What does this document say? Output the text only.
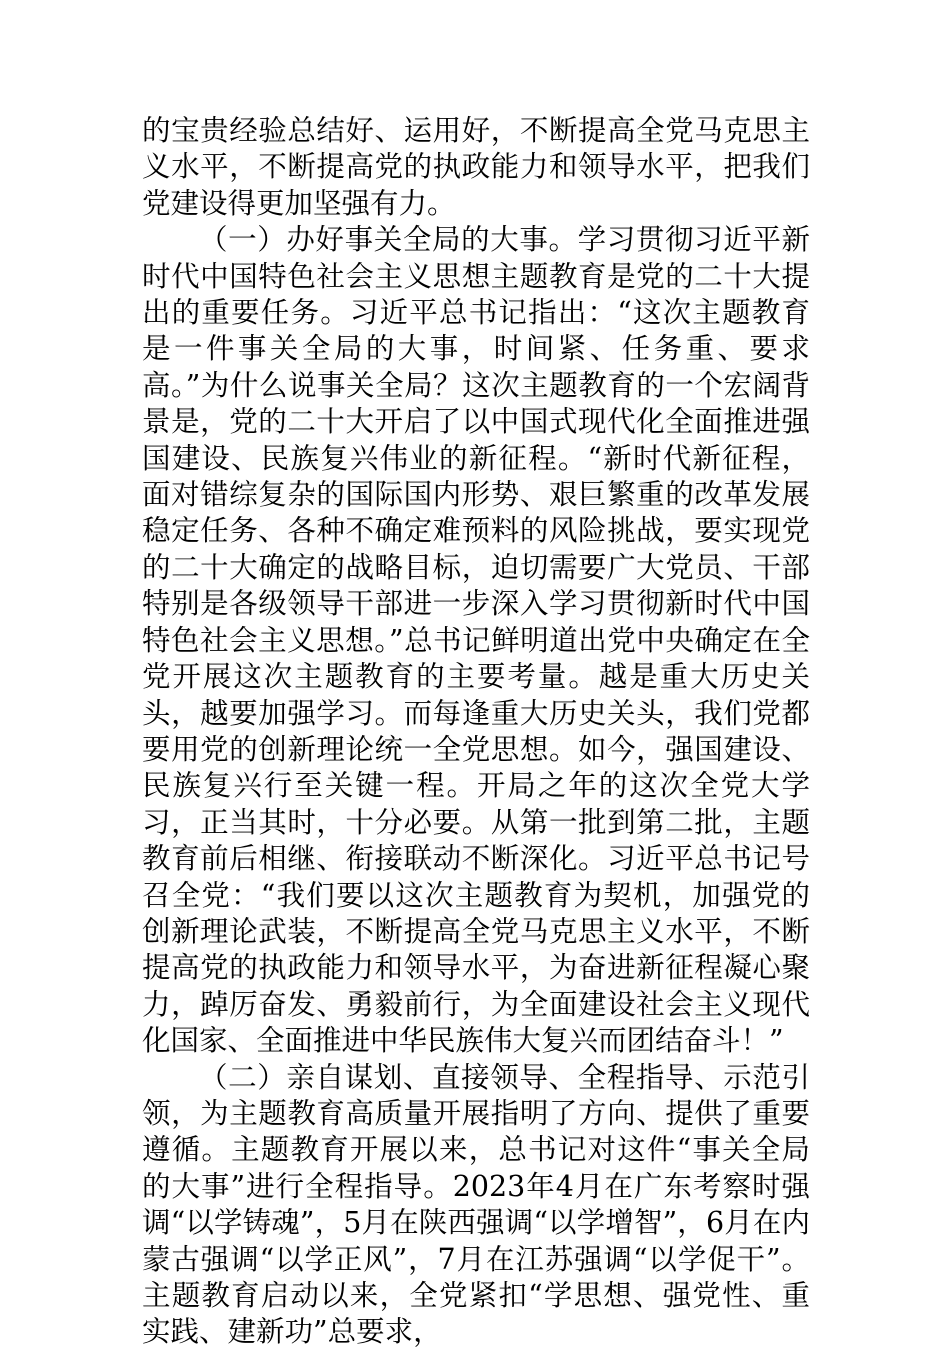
的宝贵经验总结好、运用好，不断提高全党马克思主义水平，不断提高党的执政能力和领导水平，把我们党建设得更加坚强有力。

（一）办好事关全局的大事。学习贯彻习近平新时代中国特色社会主义思想主题教育是党的二十大提出的重要任务。习近平总书记指出：“这次主题教育是一件事关全局的大事，时间紧、任务重、要求高。”为什么说事关全局？这次主题教育的一个宏阔背景是，党的二十大开启了以中国式现代化全面推进强国建设、民族复兴伟业的新征程。“新时代新征程，面对错综复杂的国际国内形势、艰巨繁重的改革发展稳定任务、各种不确定难预料的风险挑战，要实现党的二十大确定的战略目标，迫切需要广大党员、干部特别是各级领导干部进一步深入学习贯彻新时代中国特色社会主义思想。”总书记鲜明道出党中央确定在全党开展这次主题教育的主要考量。越是重大历史关头，越要加强学习。而每逢重大历史关头，我们党都要用党的创新理论统一全党思想。如今，强国建设、民族复兴行至关键一程。开局之年的这次全党大学习，正当其时，十分必要。从第一批到第二批，主题教育前后相继、衔接联动不断深化。习近平总书记号召全党：“我们要以这次主题教育为契机，加强党的创新理论武装，不断提高全党马克思主义水平，不断提高党的执政能力和领导水平，为奋进新征程凝心聚力，踔厉奋发、勇毅前行，为全面建设社会主义现代化国家、全面推进中华民族伟大复兴而团结奋斗！”

（二）亲自谋划、直接领导、全程指导、示范引领，为主题教育高质量开展指明了方向、提供了重要遵循。主题教育开展以来，总书记对这件“事关全局的大事”进行全程指导。2023年4月在广东考察时强调“以学铸魂”，5月在陕西强调“以学增智”，6月在内蒙古强调“以学正风”，7月在江苏强调“以学促干”。主题教育启动以来，全党紧扣“学思想、强党性、重实践、建新功”总要求，
